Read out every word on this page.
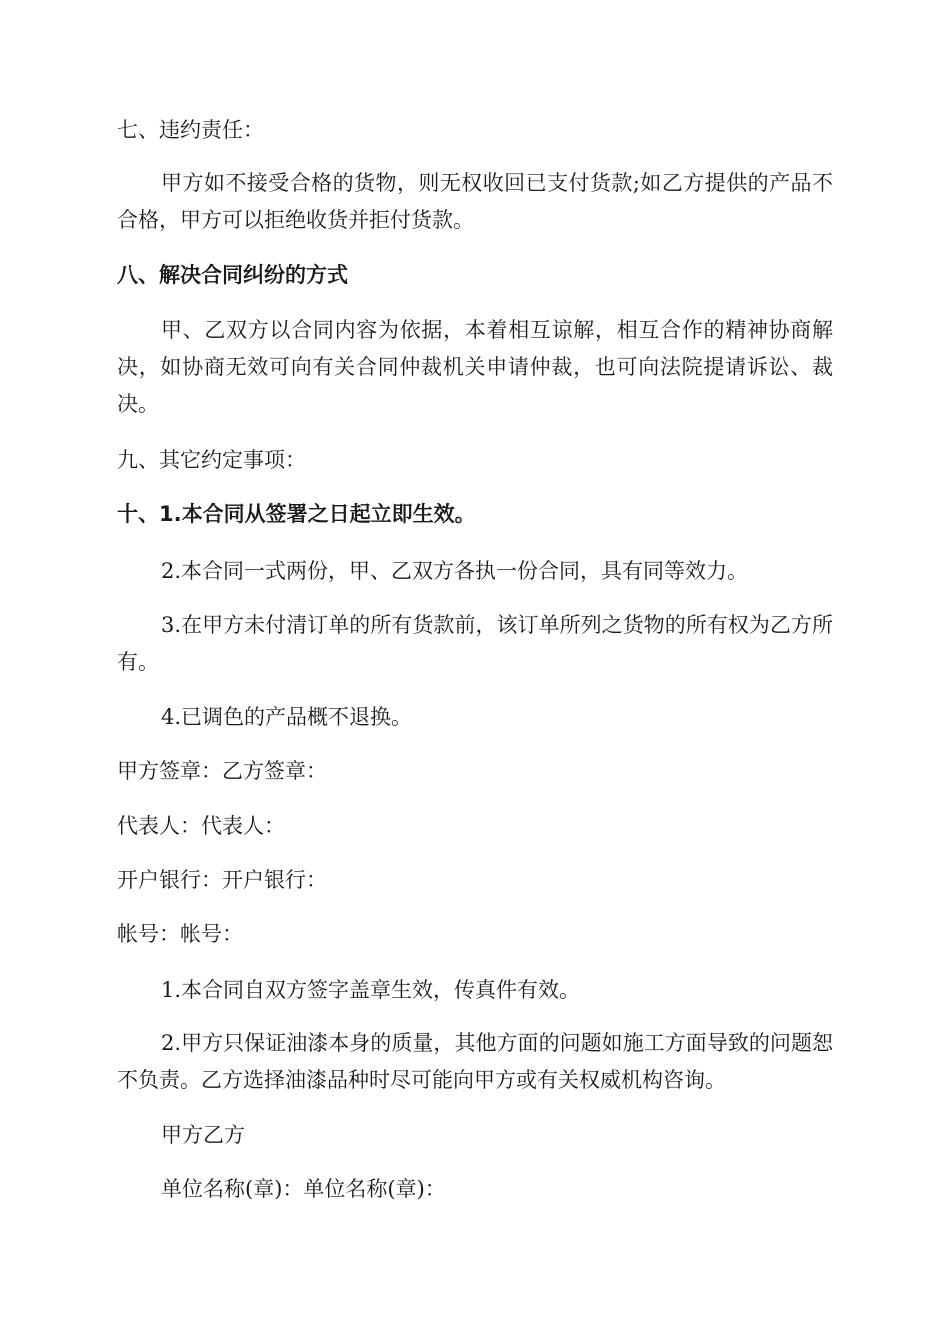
七、违约责任：

甲方如不接受合格的货物，则无权收回已支付货款;如乙方提供的产品不合格，甲方可以拒绝收货并拒付货款。

八、解决合同纠纷的方式

甲、乙双方以合同内容为依据，本着相互谅解，相互合作的精神协商解决，如协商无效可向有关合同仲裁机关申请仲裁，也可向法院提请诉讼、裁决。

九、其它约定事项：

十、1.本合同从签署之日起立即生效。

2.本合同一式两份，甲、乙双方各执一份合同，具有同等效力。

3.在甲方未付清订单的所有货款前，该订单所列之货物的所有权为乙方所有。

4.已调色的产品概不退换。

甲方签章：乙方签章：

代表人：代表人：

开户银行：开户银行：

帐号：帐号：

1.本合同自双方签字盖章生效，传真件有效。

2.甲方只保证油漆本身的质量，其他方面的问题如施工方面导致的问题恕不负责。乙方选择油漆品种时尽可能向甲方或有关权威机构咨询。

甲方乙方

单位名称(章)：单位名称(章)：
